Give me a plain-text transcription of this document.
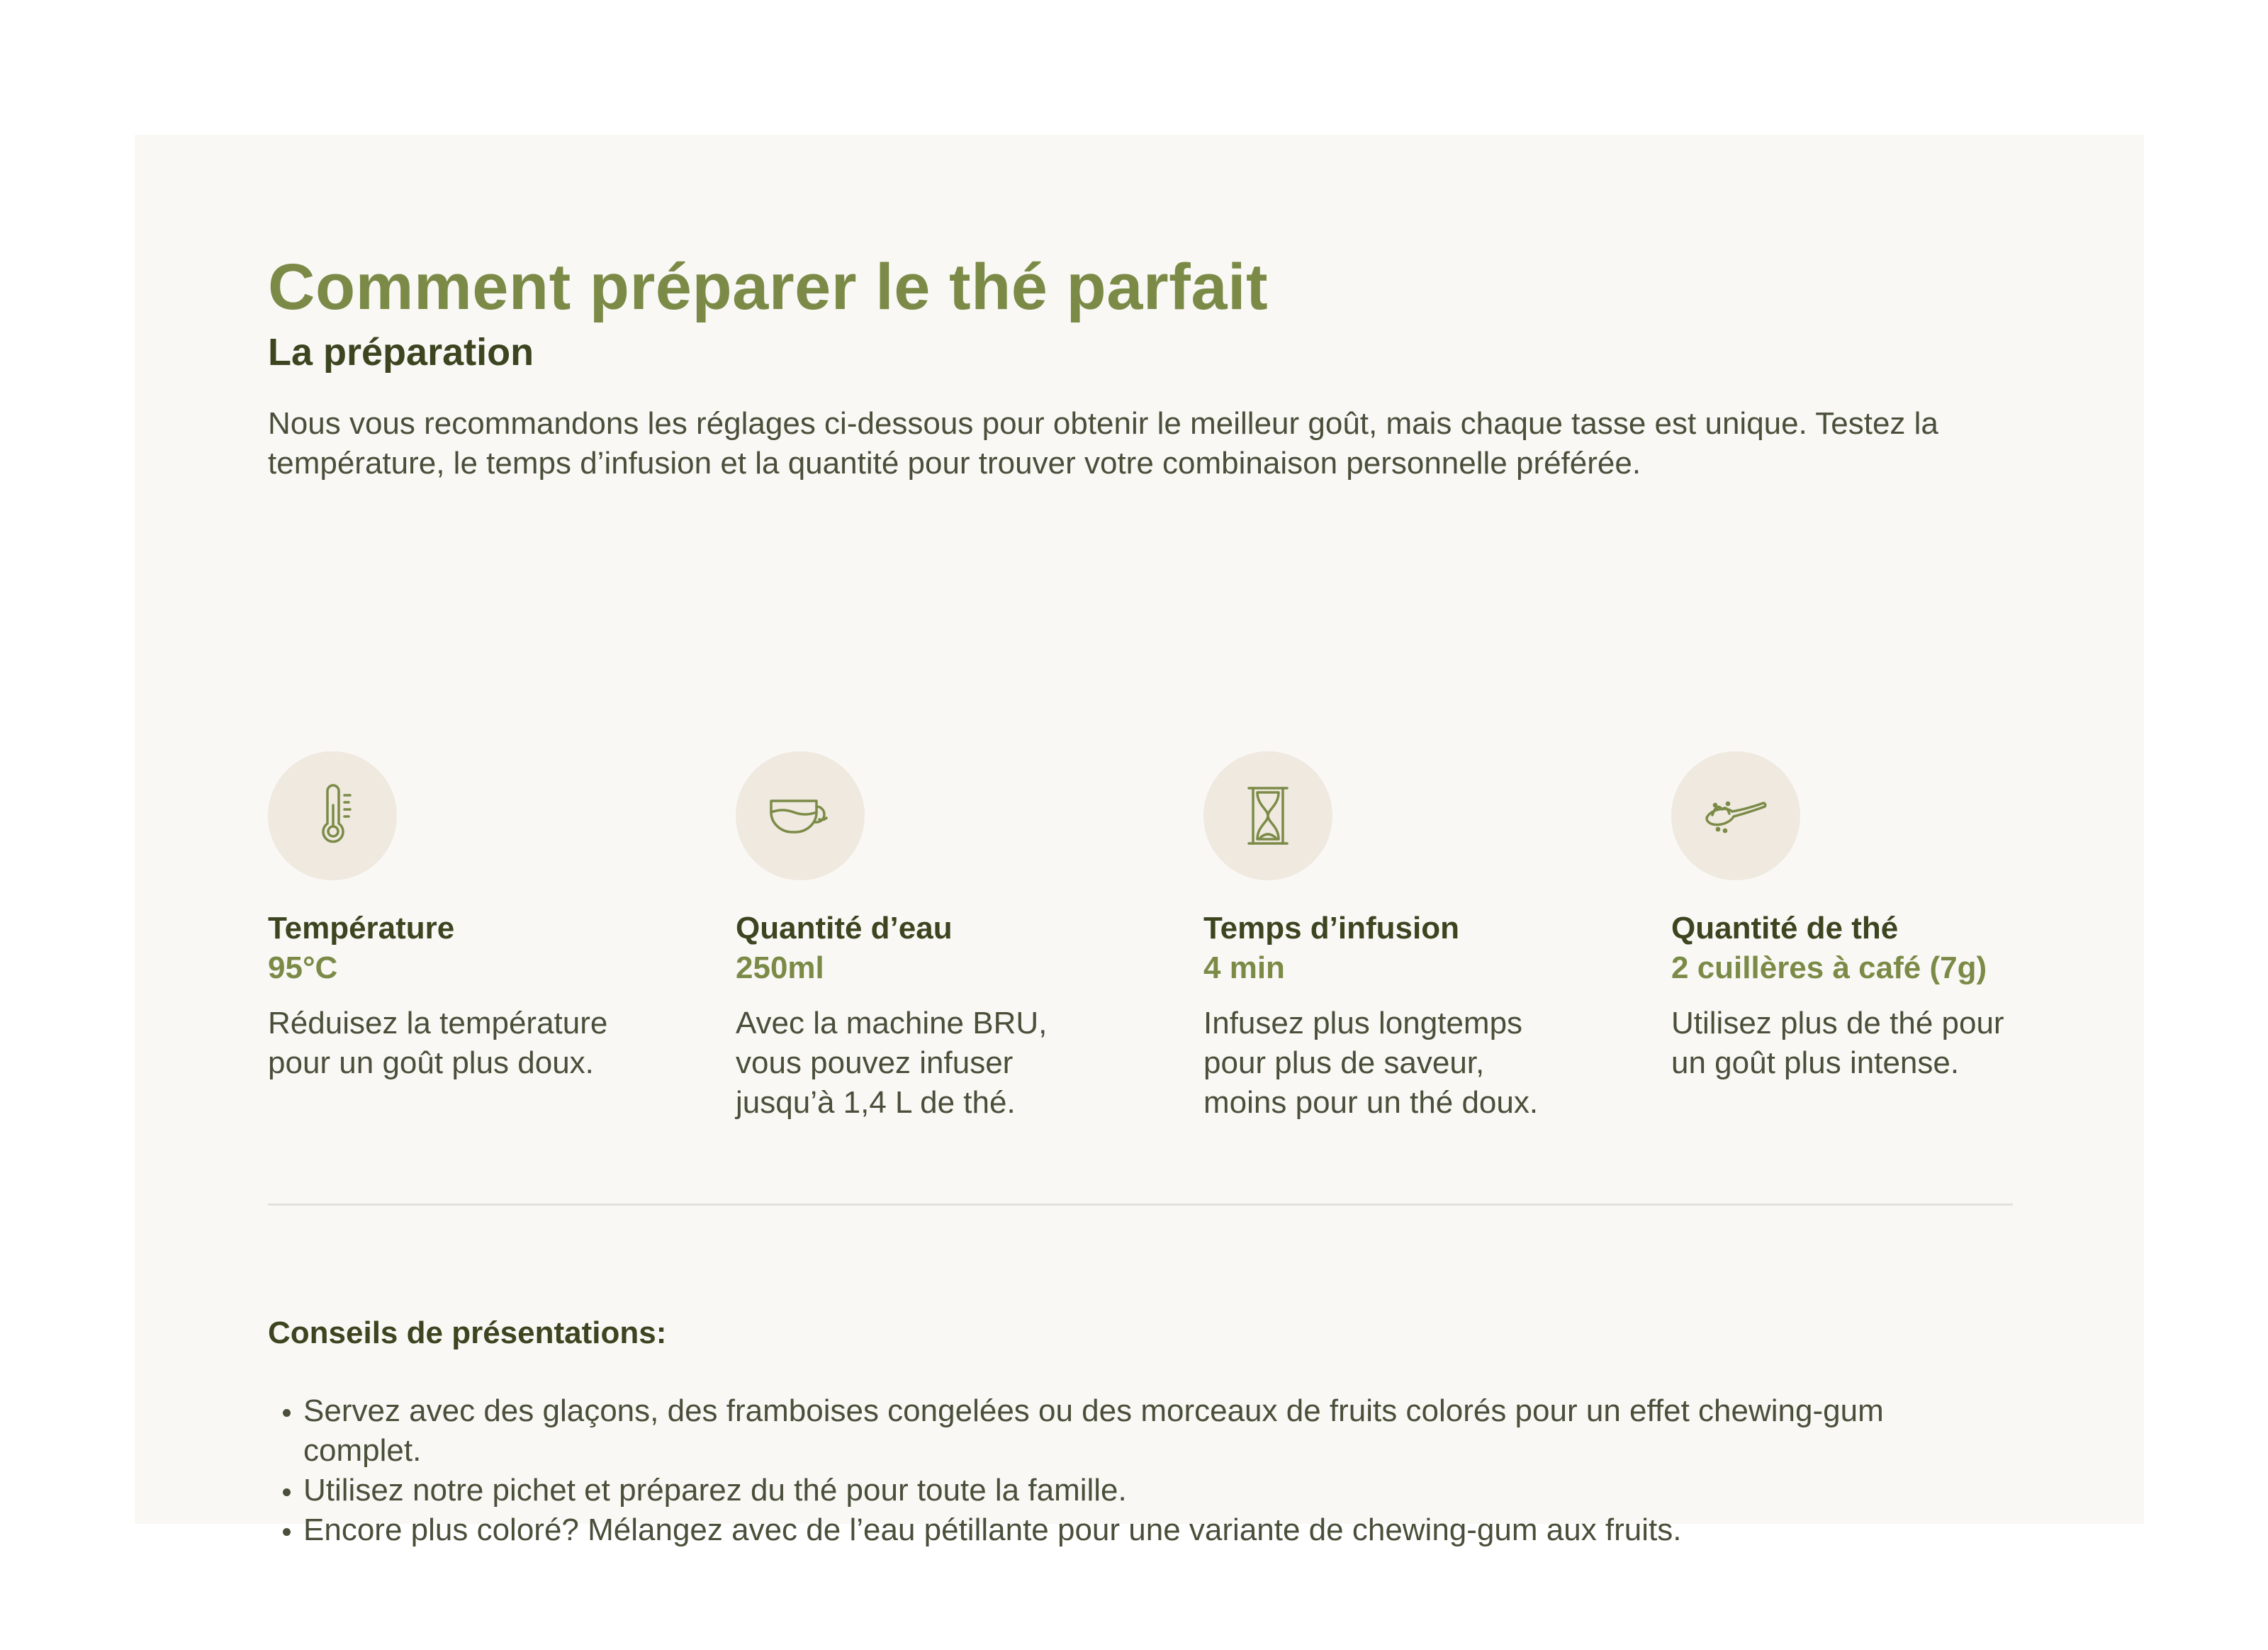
Comment préparer le thé parfait
La préparation

Nous vous recommandons les réglages ci-dessous pour obtenir le meilleur goût, mais chaque tasse est unique. Testez la température, le temps d’infusion et la quantité pour trouver votre combinaison personnelle préférée.

Température

95°C

Réduisez la température pour un goût plus doux.

Quantité d’eau

250ml

Avec la machine BRU, vous pouvez infuser jusqu’à 1,4 L de thé.

Temps d’infusion

4 min

Infusez plus longtemps pour plus de saveur, moins pour un thé doux.

Quantité de thé

2 cuillères à café (7g)

Utilisez plus de thé pour un goût plus intense.

Conseils de présentations:

• Servez avec des glaçons, des framboises congelées ou des morceaux de fruits colorés pour un effet chewing-gum complet.
• Utilisez notre pichet et préparez du thé pour toute la famille.
• Encore plus coloré? Mélangez avec de l’eau pétillante pour une variante de chewing-gum aux fruits.
